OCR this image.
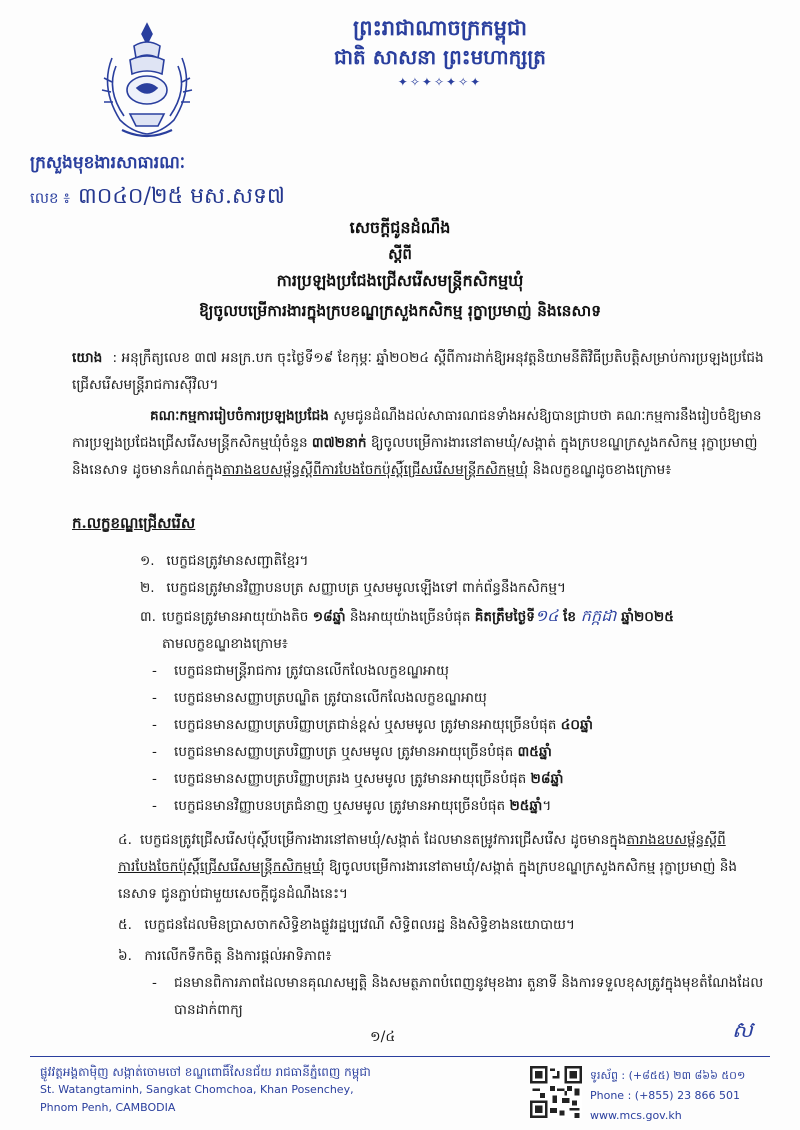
ព្រះរាជាណាចក្រកម្ពុជា
ជាតិ សាសនា ព្រះមហាក្សត្រ
✦✧✦✧✦✧✦
ក្រសួងមុខងារសាធារណៈ
លេខ ៖ ៣០៤០/២៥ មស.សទ៧
សេចក្តីជូនដំណឹង
ស្តីពី
ការប្រឡងប្រជែងជ្រើសរើសមន្ត្រីកសិកម្មឃុំ
ឱ្យចូលបម្រើការងារក្នុងក្របខណ្ឌក្រសួងកសិកម្ម រុក្ខាប្រមាញ់ និងនេសាទ
យោង : អនុក្រឹត្យលេខ ៣៧ អនក្រ.បក ចុះថ្ងៃទី១៩ ខែកុម្ភៈ ឆ្នាំ២០២៤ ស្តីពីការដាក់ឱ្យអនុវត្តនិយាមនីតិវិធីប្រតិបត្តិសម្រាប់ការប្រឡងប្រជែងជ្រើសរើសមន្ត្រីរាជការស៊ីវិល។
គណៈកម្មការរៀបចំការប្រឡងប្រជែង សូមជូនដំណឹងដល់សាធារណជនទាំងអស់ឱ្យបានជ្រាបថា គណៈកម្មការនឹងរៀបចំឱ្យមានការប្រឡងប្រជែងជ្រើសរើសមន្ត្រីកសិកម្មឃុំចំនួន ៣៧២នាក់ ឱ្យចូលបម្រើការងារនៅតាមឃុំ/សង្កាត់ ក្នុងក្របខណ្ឌក្រសួងកសិកម្ម រុក្ខាប្រមាញ់ និងនេសាទ ដូចមានកំណត់ក្នុងតារាងឧបសម្ព័ន្ធស្តីពីការបែងចែកប៉ុស្តិ៍ជ្រើសរើសមន្ត្រីកសិកម្មឃុំ និងលក្ខខណ្ឌដូចខាងក្រោម៖
ក.លក្ខខណ្ឌជ្រើសរើស
១. បេក្ខជនត្រូវមានសញ្ជាតិខ្មែរ។
២. បេក្ខជនត្រូវមានវិញ្ញាបនបត្រ សញ្ញាបត្រ ឬសមមូលឡើងទៅ ពាក់ព័ន្ធនឹងកសិកម្ម។
៣. បេក្ខជនត្រូវមានអាយុយ៉ាងតិច ១៨ឆ្នាំ និងអាយុយ៉ាងច្រើនបំផុត គិតត្រឹមថ្ងៃទី១៤ ខែ កក្កដា ឆ្នាំ២០២៥
តាមលក្ខខណ្ឌខាងក្រោម៖
- បេក្ខជនជាមន្ត្រីរាជការ ត្រូវបានលើកលែងលក្ខខណ្ឌអាយុ
- បេក្ខជនមានសញ្ញាបត្របណ្ឌិត ត្រូវបានលើកលែងលក្ខខណ្ឌអាយុ
- បេក្ខជនមានសញ្ញាបត្របរិញ្ញាបត្រជាន់ខ្ពស់ ឬសមមូល ត្រូវមានអាយុច្រើនបំផុត ៤០ឆ្នាំ
- បេក្ខជនមានសញ្ញាបត្របរិញ្ញាបត្រ ឬសមមូល ត្រូវមានអាយុច្រើនបំផុត ៣៥ឆ្នាំ
- បេក្ខជនមានសញ្ញាបត្របរិញ្ញាបត្ររង ឬសមមូល ត្រូវមានអាយុច្រើនបំផុត ២៨ឆ្នាំ
- បេក្ខជនមានវិញ្ញាបនបត្រជំនាញ ឬសមមូល ត្រូវមានអាយុច្រើនបំផុត ២៥ឆ្នាំ។
៤. បេក្ខជនត្រូវជ្រើសរើសប៉ុស្តិ៍បម្រើការងារនៅតាមឃុំ/សង្កាត់ ដែលមានតម្រូវការជ្រើសរើស ដូចមានក្នុងតារាងឧបសម្ព័ន្ធស្តីពីការបែងចែកប៉ុស្តិ៍ជ្រើសរើសមន្ត្រីកសិកម្មឃុំ ឱ្យចូលបម្រើការងារនៅតាមឃុំ/សង្កាត់ ក្នុងក្របខណ្ឌក្រសួងកសិកម្ម រុក្ខាប្រមាញ់ និងនេសាទ ជូនភ្ជាប់ជាមួយសេចក្តីជូនដំណឹងនេះ។
៥. បេក្ខជនដែលមិនប្រាសចាកសិទ្ធិខាងផ្លូវរដ្ឋប្បវេណី សិទ្ធិពលរដ្ឋ និងសិទ្ធិខាងនយោបាយ។
៦. ការលើកទឹកចិត្ត និងការផ្តល់អាទិភាព៖
- ជនមានពិការភាពដែលមានគុណសម្បត្តិ និងសមត្ថភាពបំពេញនូវមុខងារ តួនាទី និងការទទួលខុសត្រូវក្នុងមុខតំណែងដែលបានដាក់ពាក្យ
១/៤	ស
ផ្លូវវត្តអង្គតាម៉ិញ សង្កាត់ចោមចៅ ខណ្ឌពោធិ៍សែនជ័យ រាជធានីភ្នំពេញ កម្ពុជា
St. Watangtaminh, Sangkat Chomchoa, Khan Posenchey,
Phnom Penh, CAMBODIA
ទូរស័ព្ទ : (+៨៥៥) ២៣ ៨៦៦ ៥០១
Phone : (+855) 23 866 501
www.mcs.gov.kh
